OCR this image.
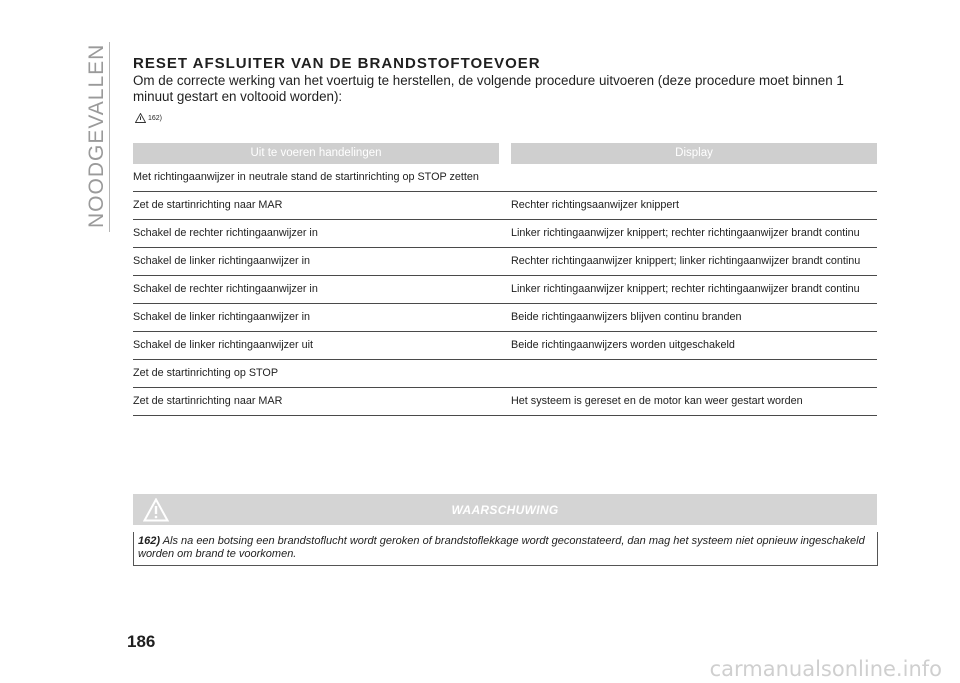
NOODGEVALLEN RESET AFSLUITER VAN DE BRANDSTOFTOEVOER
Om de correcte werking van het voertuig te herstellen, de volgende procedure uitvoeren (deze procedure moet binnen 1 minuut gestart en voltooid worden):
162)
Uit te voeren handelingen		Display
Met richtingaanwijzer in neutrale stand de startinrichting op STOP zetten		
Zet de startinrichting naar MAR		Rechter richtingsaanwijzer knippert
Schakel de rechter richtingaanwijzer in		Linker richtingaanwijzer knippert; rechter richtingaanwijzer brandt continu
Schakel de linker richtingaanwijzer in		Rechter richtingaanwijzer knippert; linker richtingaanwijzer brandt continu
Schakel de rechter richtingaanwijzer in		Linker richtingaanwijzer knippert; rechter richtingaanwijzer brandt continu
Schakel de linker richtingaanwijzer in		Beide richtingaanwijzers blijven continu branden
Schakel de linker richtingaanwijzer uit		Beide richtingaanwijzers worden uitgeschakeld
Zet de startinrichting op STOP		
Zet de startinrichting naar MAR		Het systeem is gereset en de motor kan weer gestart worden
WAARSCHUWING
162) Als na een botsing een brandstoflucht wordt geroken of brandstoflekkage wordt geconstateerd, dan mag het systeem niet opnieuw ingeschakeld worden om brand te voorkomen.
186
carmanualsonline.info
